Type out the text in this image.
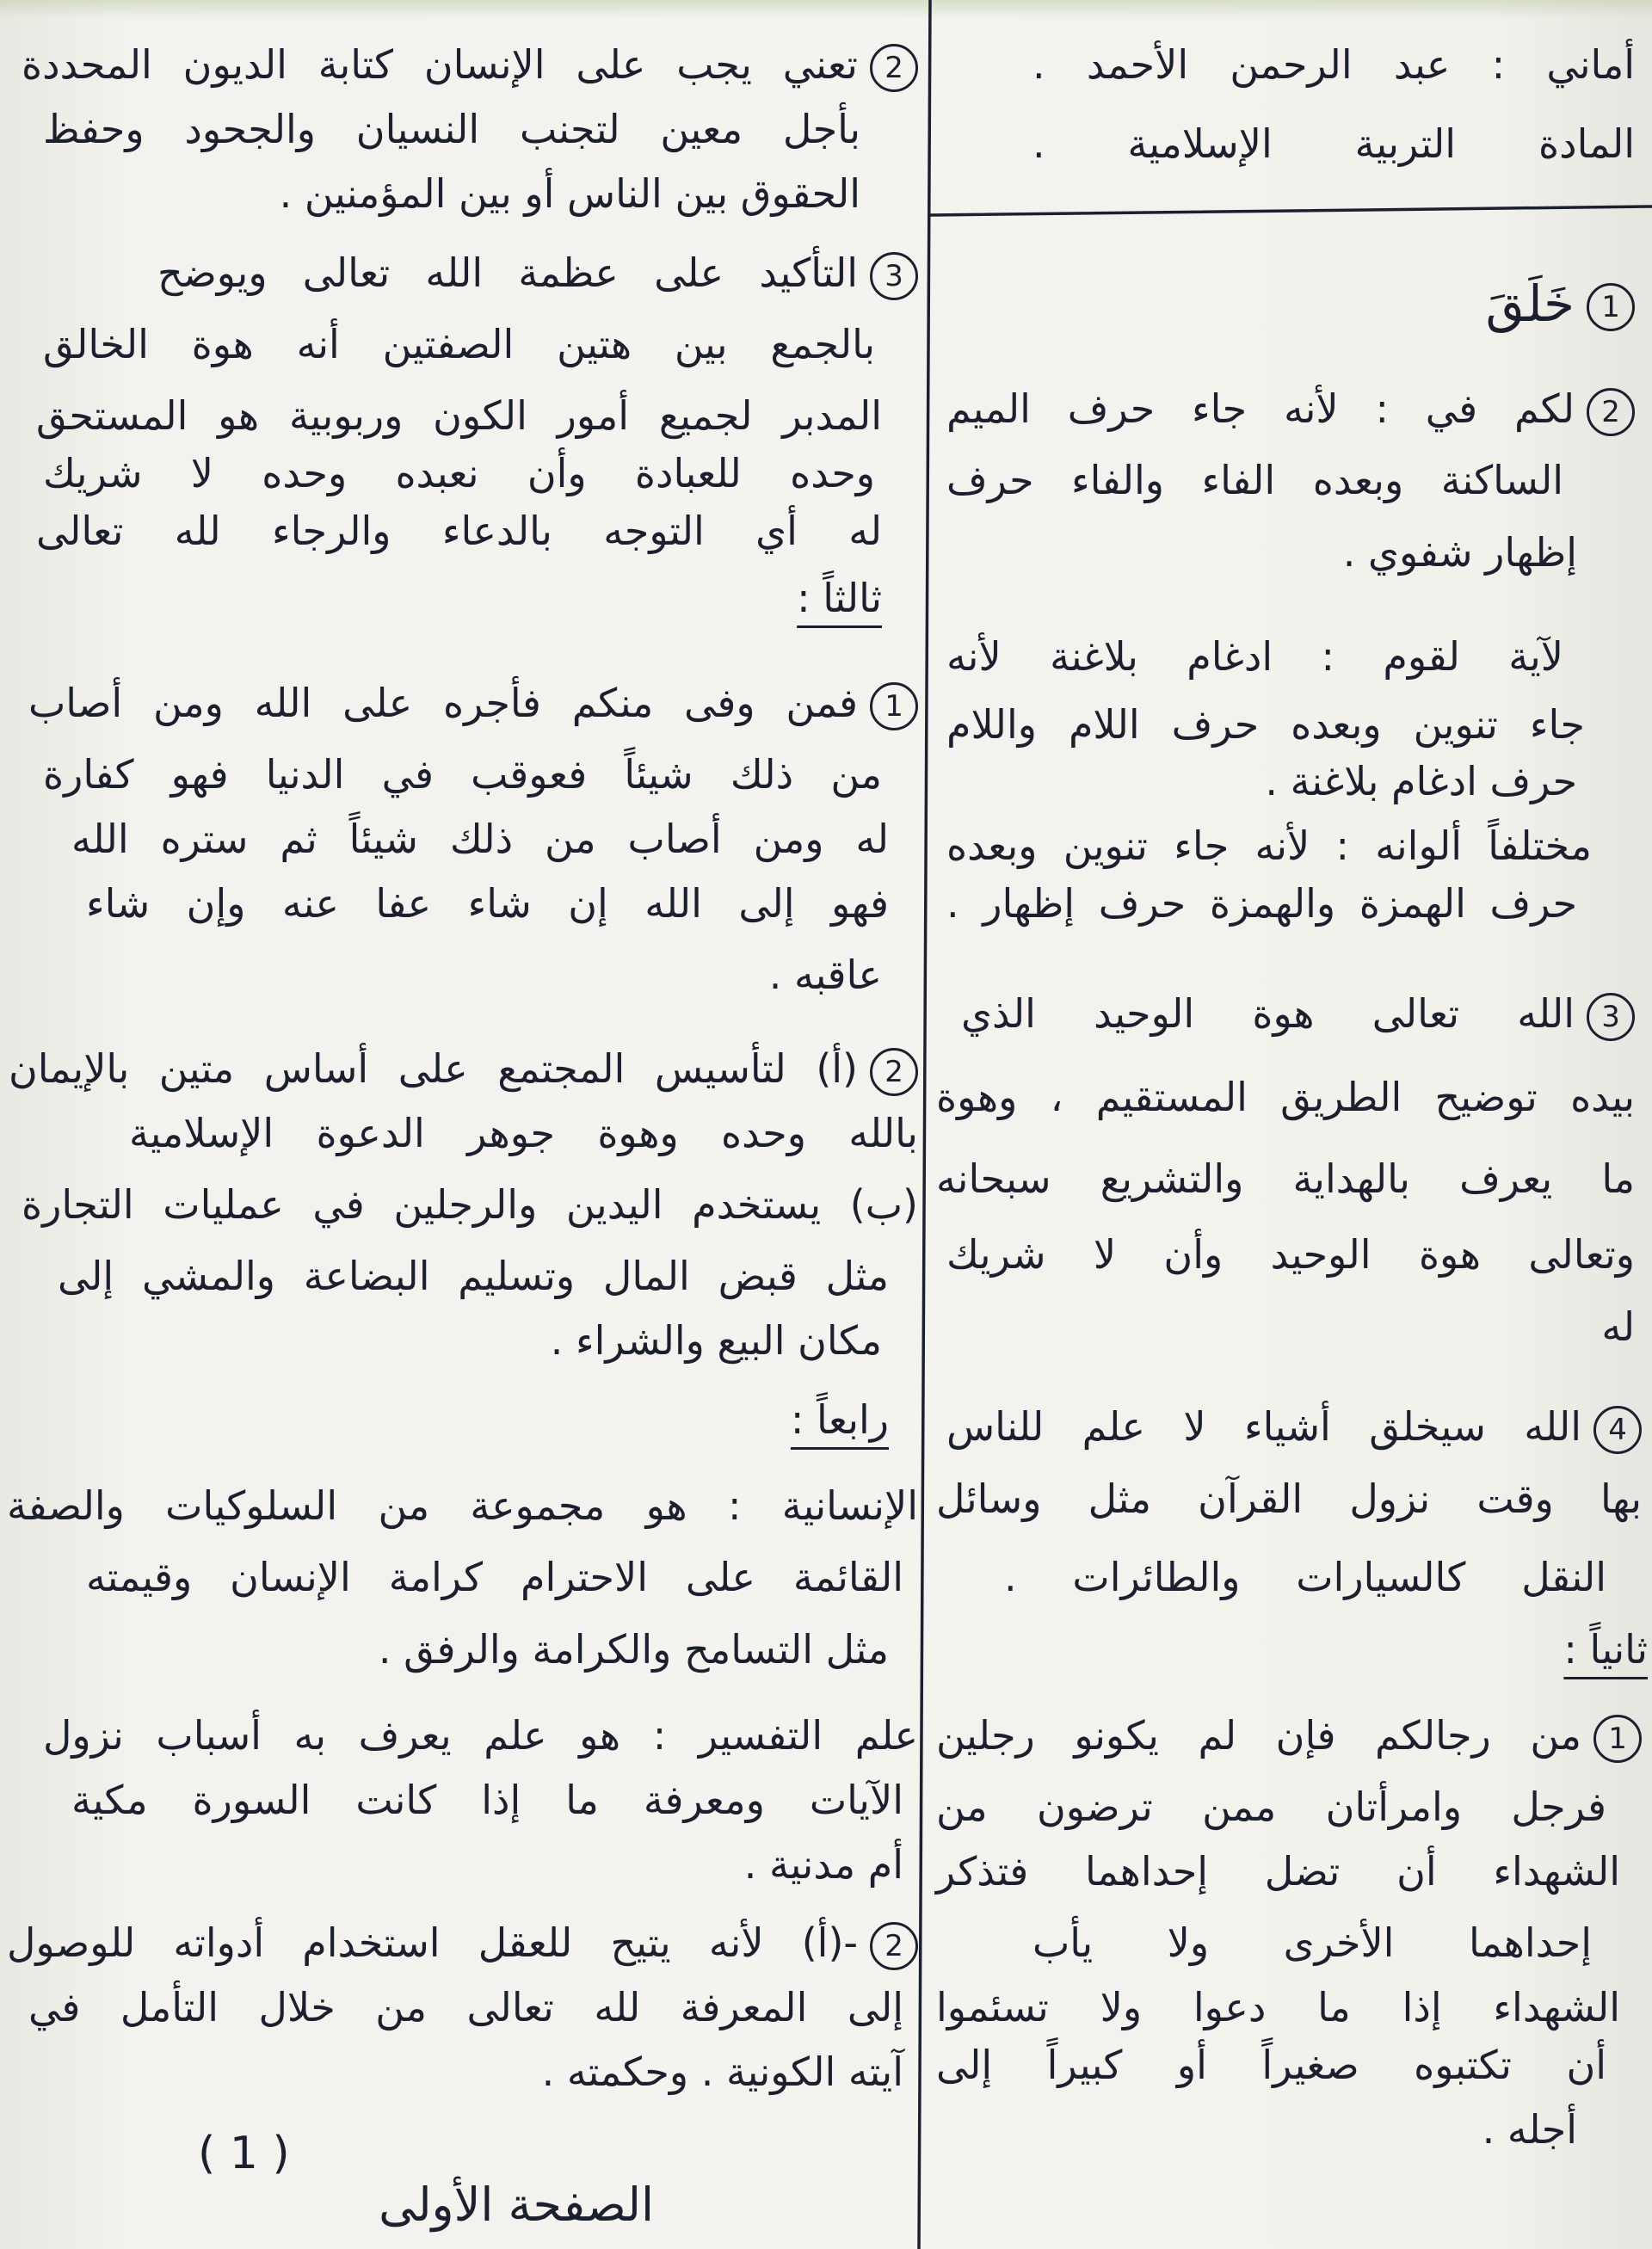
أماني : عبد الرحمن الأحمد .
المادة التربية الإسلامية .
1خَلَقَ
2لكم في : لأنه جاء حرف الميم
الساكنة وبعده الفاء والفاء حرف
إظهار شفوي .
لآية لقوم : ادغام بلاغنة لأنه
جاء تنوين وبعده حرف اللام واللام
حرف ادغام بلاغنة .
مختلفاً ألوانه : لأنه جاء تنوين وبعده
حرف الهمزة والهمزة حرف إظهار .
3الله تعالى هوة الوحيد الذي
بيده توضيح الطريق المستقيم ، وهوة
ما يعرف بالهداية والتشريع سبحانه
وتعالى هوة الوحيد وأن لا شريك
له
4الله سيخلق أشياء لا علم للناس
بها وقت نزول القرآن مثل وسائل
النقل كالسيارات والطائرات .
ثانياً :
1من رجالكم فإن لم يكونو رجلين
فرجل وامرأتان ممن ترضون من
الشهداء أن تضل إحداهما فتذكر
إحداهما الأخرى ولا يأب
الشهداء إذا ما دعوا ولا تسئموا
أن تكتبوه صغيراً أو كبيراً إلى
أجله .
2تعني يجب على الإنسان كتابة الديون المحددة
بأجل معين لتجنب النسيان والجحود وحفظ
الحقوق بين الناس أو بين المؤمنين .
3التأكيد على عظمة الله تعالى ويوضح
بالجمع بين هتين الصفتين أنه هوة الخالق
المدبر لجميع أمور الكون وربوبية هو المستحق
وحده للعبادة وأن نعبده وحده لا شريك
له أي التوجه بالدعاء والرجاء لله تعالى
ثالثاً :
1فمن وفى منكم فأجره على الله ومن أصاب
من ذلك شيئاً فعوقب في الدنيا فهو كفارة
له ومن أصاب من ذلك شيئاً ثم ستره الله
فهو إلى الله إن شاء عفا عنه وإن شاء
عاقبه .
2(أ) لتأسيس المجتمع على أساس متين بالإيمان
بالله وحده وهوة جوهر الدعوة الإسلامية
(ب) يستخدم اليدين والرجلين في عمليات التجارة
مثل قبض المال وتسليم البضاعة والمشي إلى
مكان البيع والشراء .
رابعاً :
الإنسانية : هو مجموعة من السلوكيات والصفة
القائمة على الاحترام كرامة الإنسان وقيمته
مثل التسامح والكرامة والرفق .
علم التفسير : هو علم يعرف به أسباب نزول
الآيات ومعرفة ما إذا كانت السورة مكية
أم مدنية .
2-(أ) لأنه يتيح للعقل استخدام أدواته للوصول
إلى المعرفة لله تعالى من خلال التأمل في
آيته الكونية . وحكمته .
( 1 )
الصفحة الأولى
